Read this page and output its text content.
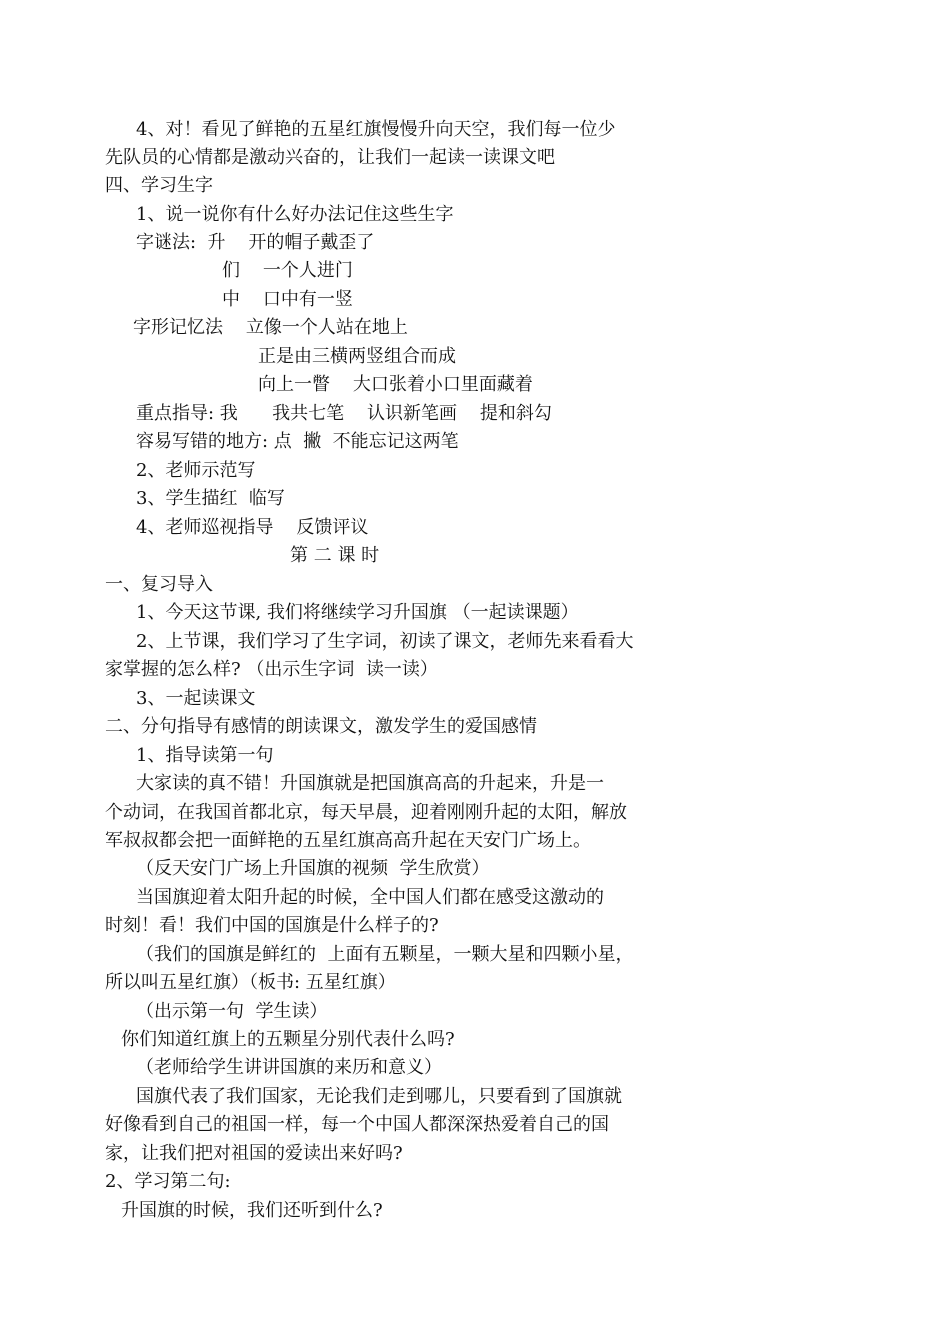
4、对！看见了鲜艳的五星红旗慢慢升向天空，我们每一位少
先队员的心情都是激动兴奋的，让我们一起读一读课文吧
四、学习生字
1、说一说你有什么好办法记住这些生字
字谜法:  升    开的帽子戴歪了
们    一个人进门
中    口中有一竖
字形记忆法    立像一个人站在地上
正是由三横两竖组合而成
向上一瞥    大口张着小口里面藏着
重点指导: 我      我共七笔    认识新笔画    提和斜勾
容易写错的地方: 点  撇  不能忘记这两笔
2、老师示范写
3、学生描红  临写
4、老师巡视指导    反馈评议
第 二 课 时
一、复习导入
1、今天这节课, 我们将继续学习升国旗 （一起读课题）
2、上节课，我们学习了生字词，初读了课文，老师先来看看大
家掌握的怎么样? （出示生字词  读一读）
3、一起读课文
二、分句指导有感情的朗读课文，激发学生的爱国感情
1、指导读第一句
大家读的真不错！升国旗就是把国旗高高的升起来，升是一
个动词，在我国首都北京，每天早晨，迎着刚刚升起的太阳，解放
军叔叔都会把一面鲜艳的五星红旗高高升起在天安门广场上。
（反天安门广场上升国旗的视频  学生欣赏）
当国旗迎着太阳升起的时候，全中国人们都在感受这激动的
时刻！看！我们中国的国旗是什么样子的?
（我们的国旗是鲜红的  上面有五颗星，一颗大星和四颗小星，
所以叫五星红旗）（板书: 五星红旗）
（出示第一句  学生读）
你们知道红旗上的五颗星分别代表什么吗?
（老师给学生讲讲国旗的来历和意义）
国旗代表了我们国家，无论我们走到哪儿，只要看到了国旗就
好像看到自己的祖国一样，每一个中国人都深深热爱着自己的国
家，让我们把对祖国的爱读出来好吗?
2、学习第二句:
升国旗的时候，我们还听到什么?
